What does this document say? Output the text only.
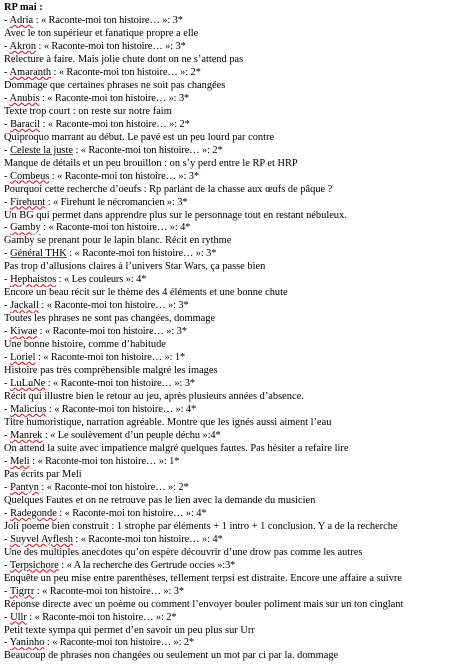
RP mai :
- Adria : « Raconte-moi ton histoire… »: 3*
Avec le ton supérieur et fanatique propre a elle
- Akron : « Raconte-moi ton histoire… »: 3*
Relecture à faire. Mais jolie chute dont on ne s’attend pas
- Amaranth : « Raconte-moi ton histoire… »: 2*
Dommage que certaines phrases ne soit pas changées
- Anubis : « Raconte-moi ton histoire… »: 3*
Texte trop court : on reste sur notre faim
- Baracil : « Raconte-moi ton histoire… »: 2*
Quiproquo marrant au début. Le pavé est un peu lourd par contre
- Celeste la juste : « Raconte-moi ton histoire… »: 2*
Manque de détails et un peu brouillon : on s’y perd entre le RP et HRP
- Combeus : « Raconte-moi ton histoire… »: 3*
Pourquoi cette recherche d’oeufs : Rp parlant de la chasse aux œufs de pâque ?
- Firehunt : « Firehunt le nécromancien »: 3*
Un BG qui permet dans apprendre plus sur le personnage tout en restant nébuleux.
- Gamby : « Raconte-moi ton histoire… »: 4*
Gamby se prenant pour le lapin blanc. Récit en rythme
- Général THK : « Raconte-moi ton histoire… »: 3*
Pas trop d’allusions claires à l’univers Star Wars, ça passe bien
- Hephaistos : « Les couleurs »: 4*
Encore un beau récit sur le thème des 4 éléments et une bonne chute
- Jackall : « Raconte-moi ton histoire… »: 3*
Toutes les phrases ne sont pas changées, dommage
- Kiwae : « Raconte-moi ton histoire… »: 3*
Une bonne histoire, comme d’habitude
- Loriel : « Raconte-moi ton histoire… »: 1*
Histoire pas très compréhensible malgré les images
- LuLuNe : « Raconte-moi ton histoire… »: 3*
Récit qui illustre bien le retour au jeu, après plusieurs années d’absence.
- Malicius : « Raconte-moi ton histoire… »: 4*
Titre humoristique, narration agréable. Montre que les ignés aussi aiment l’eau
- Manrek : « Le soulèvement d’un peuple déchu »:4*
On attend la suite avec impatience malgré quelques fautes. Pas hésiter a refaire lire
- Meli : « Raconte-moi ton histoire… »: 1*
Pas écrits par Meli
- Pantyn : « Raconte-moi ton histoire… »: 2*
Quelques Fautes et on ne retrouve pas le lien avec la demande du musicien
- Radegonde : « Raconte-moi ton histoire… »: 4*
Joli poeme bien construit : 1 strophe par éléments + 1 intro + 1 conclusion. Y a de la recherche
- Suyvel Ayflesh : « Raconte-moi ton histoire… »: 4*
Une des multiples anecdotes qu’on espère découvrir d’une drow pas comme les autres
- Terpsichore : « A la recherche des Gertrude occies »:3*
Enquête un peu mise entre parenthèses, tellement terpsi est distraite. Encore une affaire a suivre
- Tigrrr : « Raconte-moi ton histoire… »: 3*
Réponse directe avec un poème ou comment l’envoyer bouler poliment mais sur un ton cinglant
- Ullr : « Raconte-moi ton histoire… »: 2*
Petit texte sympa qui permet d’en savoir un peu plus sur Urr
- Yaninho : « Raconte-moi ton histoire… »: 2*
Beaucoup de phrases non changées ou seulement un mot par ci par la. dommage
